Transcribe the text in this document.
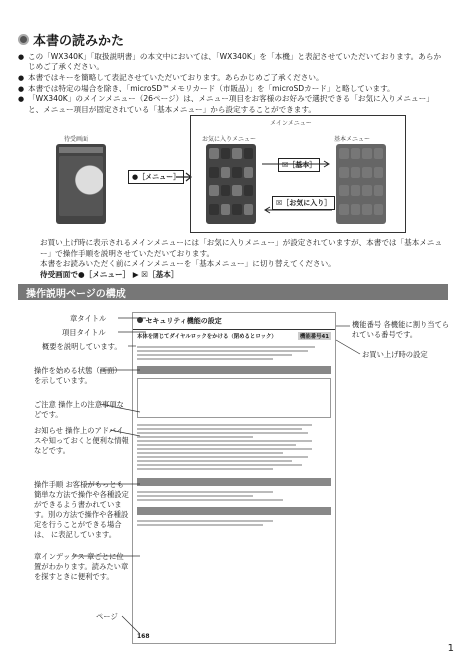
本書の読みかた
● この「WX340K」「取扱説明書」の本文中においては、「WX340K」を「本機」と表記させていただいております。あらかじめご了承ください。
● 本書ではキーを簡略して表記させていただいております。あらかじめご了承ください。
● 本書では特定の場合を除き、「microSD™メモリカード（市販品）」を「microSDカード」と略しています。
● 「WX340K」のメインメニュー（26ページ）は、メニュー項目をお客様のお好みで選択できる「お気に入りメニュー」と、メニュー項目が固定されている「基本メニュー」から設定することができます。
待受画面
●［メニュー］
メインメニュー
お気に入りメニュー	基本メニュー
☒［基本］
☒［お気に入り］
お買い上げ時に表示されるメインメニューには「お気に入りメニュー」が設定されていますが、本書では「基本メニュー」で操作手順を説明させていただいております。
本書をお読みいただく前にメインメニューを「基本メニュー」に切り替えてください。
待受画面で●［メニュー］ ▶ ☒［基本］
操作説明ページの構成
章タイトル
項目タイトル
概要を説明しています。
操作を始める状態（画面）を示しています。
ご注意 操作上の注意事項などです。
お知らせ 操作上のアドバイスや知っておくと便利な情報などです。
操作手順 お客様がもっとも簡単な方法で操作や各種設定ができるよう書かれています。別の方法で操作や各種設定を行うことができる場合は、 に表記しています。
章インデックス 章ごとに位置がわかります。読みたい章を探すときに便利です。
ページ
機能番号 各機能に割り当てられている番号です。
お買い上げ時の設定
セキュリティ機能の設定
本体を閉じてダイヤルロックをかける（閉めるとロック）	機能番号41
168
1
